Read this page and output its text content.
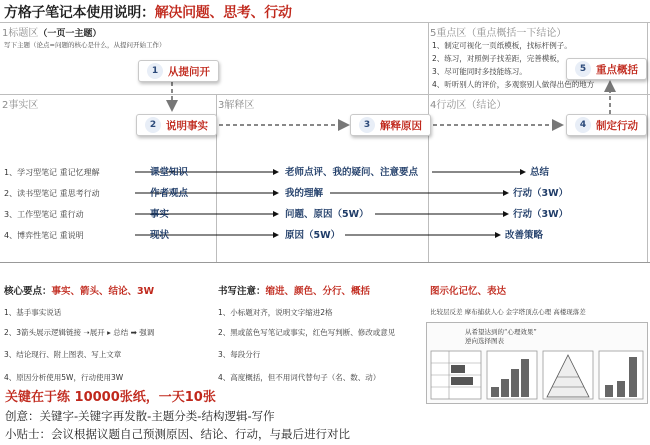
方格子笔记本使用说明：解决问题、思考、行动
1标题区（一页一主题）
写下主题（论点=问题的核心是什么，从提问开始工作）
2事实区	3解释区	4行动区（结论）
5重点区（重点概括一下结论）
1、制定可视化一页纸模板，找标杆例子。
2、练习，对照例子找差距，完善模板，
3、尽可能同时多技能练习。
4、听听别人的评价，多观察别人做得出色的地方
1 从提问开
2 说明事实	3 解释原因	4 制定行动
5 重点概括
1、学习型笔记 重记忆理解	课堂知识	老师点评、我的疑问、注意要点	总结
2、读书型笔记 重思考行动	作者观点	我的理解	行动（3W）
3、工作型笔记 重行动	事实	问题、原因（5W）	行动（3W）
4、博弈性笔记 重说明	现状	原因（5W）	改善策略
核心要点：事实、箭头、结论、3W
1、基手事实说话
2、3箭头展示逻辑链接 ➝展开 ▸ 总结 ➡ 强调
3、结论现行、附上图表、写上文章
4、原因分析使用5W，行动使用3W
书写注意：缩进、颜色、分行、概括
1、小标题对齐，说明文字缩进2格
2、黑或蓝色写笔记或事实，红色写判断、修改或意见
3、每段分行
4、高度概括，但不用词代替句子（名、数、动）
图示化记忆、表达
比较层反差 摩布捕获人心 金字塔顶点心理 高楼现落差
从希望达到的“心理效果”
逆向选择图表
关键在于练 10000张纸，一天10张
创意：关键字-关键字再发散-主题分类-结构逻辑-写作
小贴士：会议根据议题自己预测原因、结论、行动，与最后进行对比
